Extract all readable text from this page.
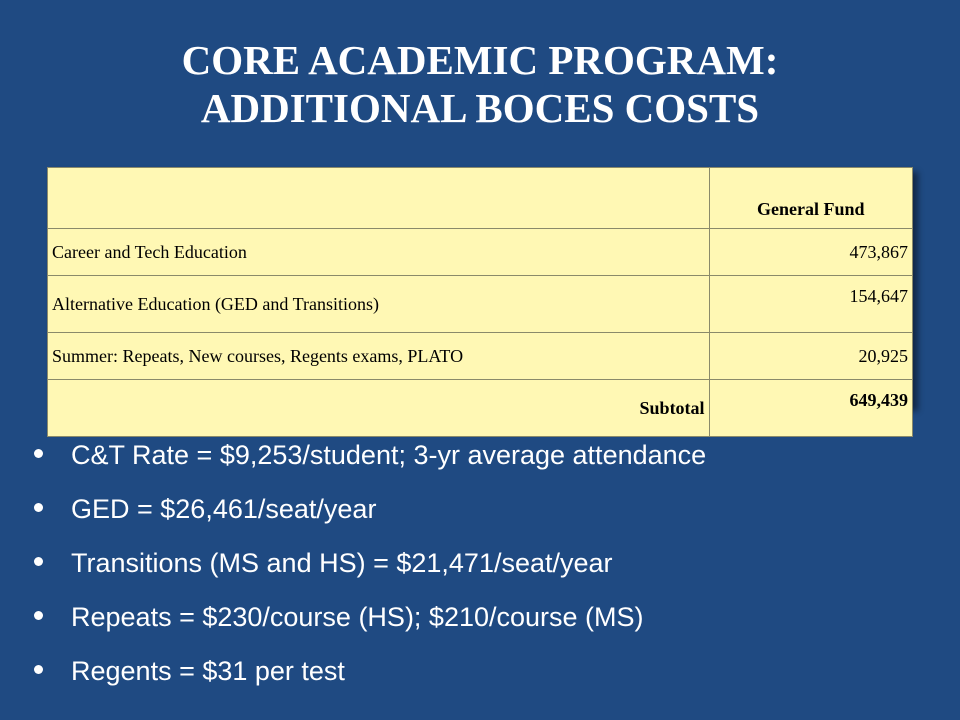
CORE ACADEMIC PROGRAM:
ADDITIONAL BOCES COSTS
	General Fund
Career and Tech Education	473,867
Alternative Education (GED and Transitions)	154,647
Summer: Repeats, New courses, Regents exams, PLATO	20,925
Subtotal	649,439
C&T Rate = $9,253/student; 3-yr average attendance
GED = $26,461/seat/year
Transitions (MS and HS) = $21,471/seat/year
Repeats = $230/course (HS); $210/course (MS)
Regents = $31 per test
